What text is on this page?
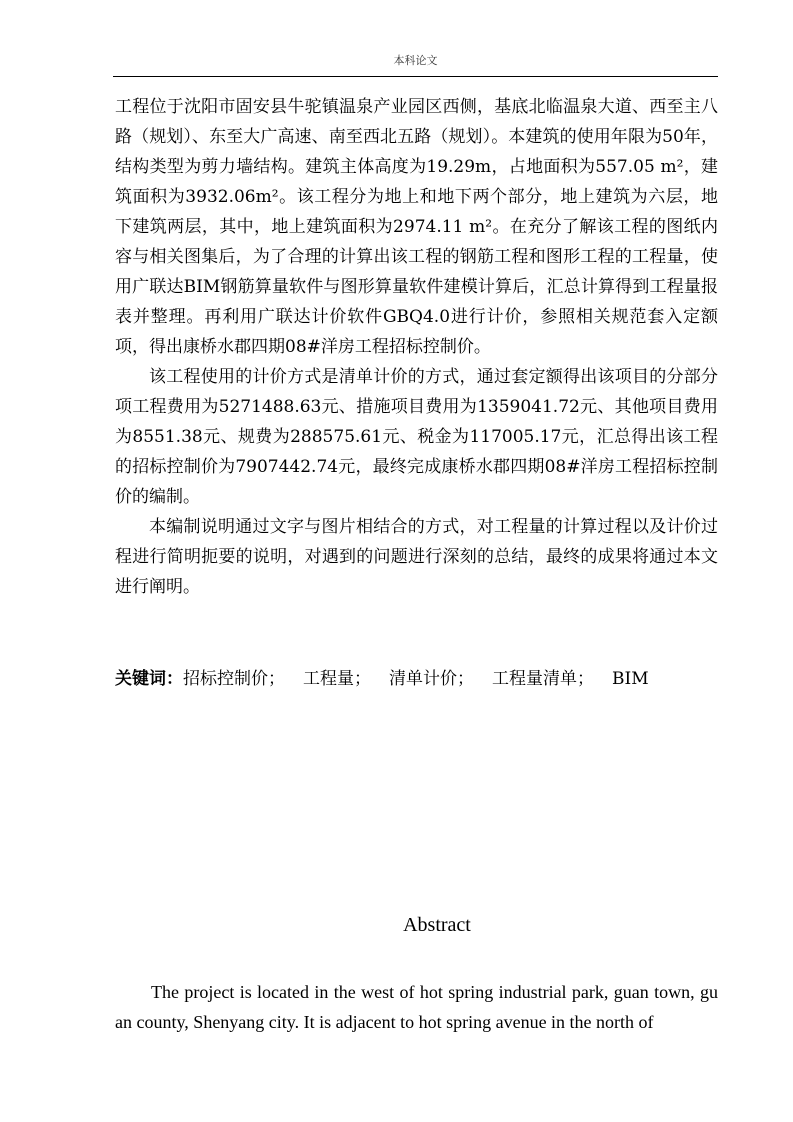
本科论文

工程位于沈阳市固安县牛驼镇温泉产业园区西侧，基底北临温泉大道、西至主八路（规划）、东至大广高速、南至西北五路（规划）。本建筑的使用年限为50年，结构类型为剪力墙结构。建筑主体高度为19.29m，占地面积为557.05 m²，建筑面积为3932.06m²。该工程分为地上和地下两个部分，地上建筑为六层，地下建筑两层，其中，地上建筑面积为2974.11 m²。在充分了解该工程的图纸内容与相关图集后，为了合理的计算出该工程的钢筋工程和图形工程的工程量，使用广联达BIM钢筋算量软件与图形算量软件建模计算后，汇总计算得到工程量报表并整理。再利用广联达计价软件GBQ4.0进行计价，参照相关规范套入定额项，得出康桥水郡四期08#洋房工程招标控制价。

该工程使用的计价方式是清单计价的方式，通过套定额得出该项目的分部分项工程费用为5271488.63元、措施项目费用为1359041.72元、其他项目费用为8551.38元、规费为288575.61元、税金为117005.17元，汇总得出该工程的招标控制价为7907442.74元，最终完成康桥水郡四期08#洋房工程招标控制价的编制。

本编制说明通过文字与图片相结合的方式，对工程量的计算过程以及计价过程进行简明扼要的说明，对遇到的问题进行深刻的总结，最终的成果将通过本文进行阐明。

关键词：招标控制价； 工程量； 清单计价； 工程量清单； BIM
Abstract

The project is located in the west of hot spring industrial park, guan town, gu an county, Shenyang city. It is adjacent to hot spring avenue in the north of
